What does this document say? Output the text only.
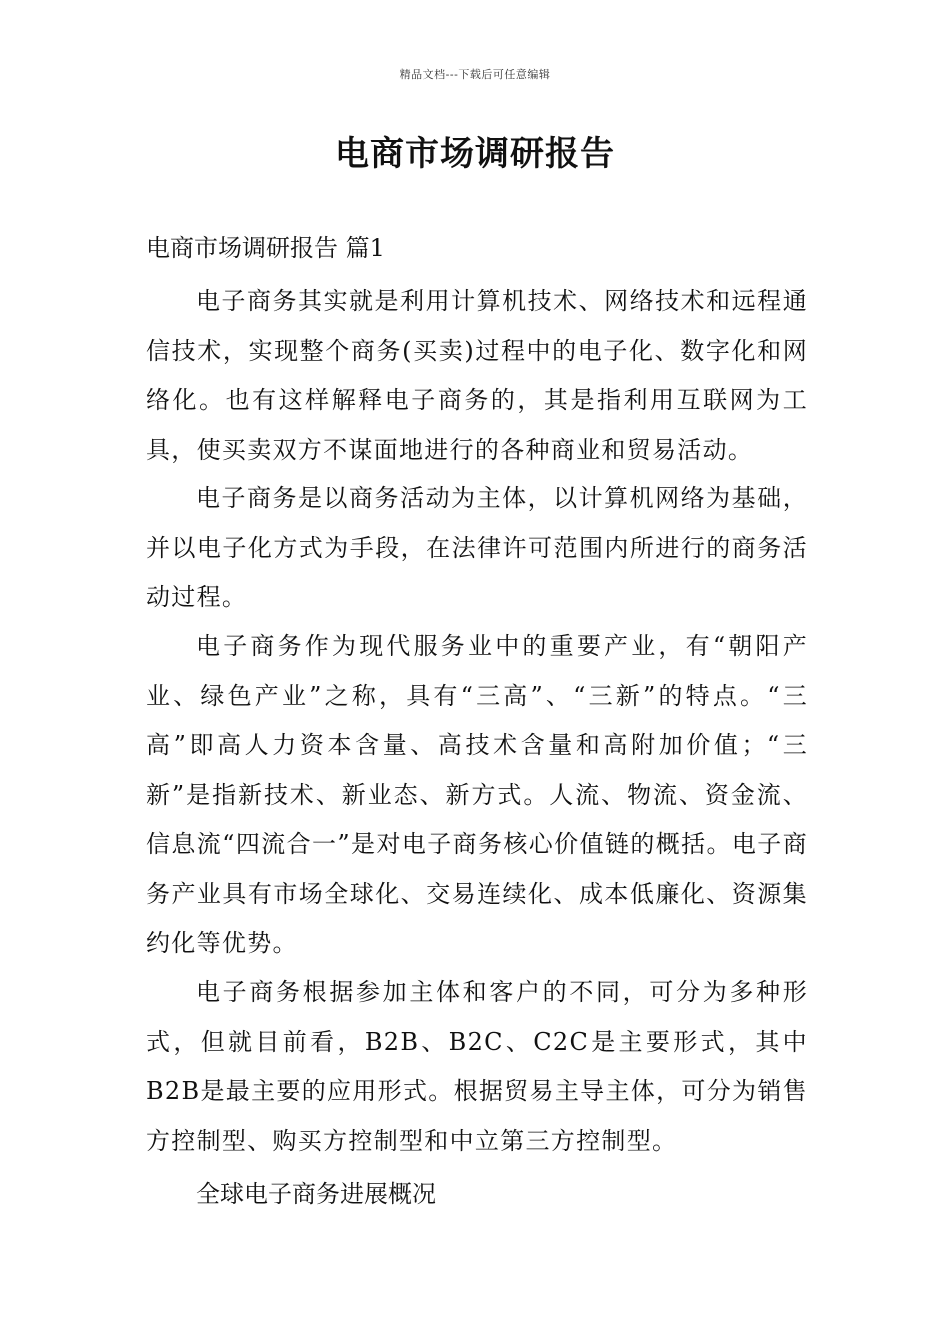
精品文档---下载后可任意编辑
电商市场调研报告
电商市场调研报告 篇1

电子商务其实就是利用计算机技术、网络技术和远程通信技术，实现整个商务(买卖)过程中的电子化、数字化和网络化。也有这样解释电子商务的，其是指利用互联网为工具，使买卖双方不谋面地进行的各种商业和贸易活动。

电子商务是以商务活动为主体，以计算机网络为基础，并以电子化方式为手段，在法律许可范围内所进行的商务活动过程。

电子商务作为现代服务业中的重要产业，有“朝阳产业、绿色产业”之称，具有“三高”、“三新”的特点。“三高”即高人力资本含量、高技术含量和高附加价值；“三新”是指新技术、新业态、新方式。人流、物流、资金流、信息流“四流合一”是对电子商务核心价值链的概括。电子商务产业具有市场全球化、交易连续化、成本低廉化、资源集约化等优势。

电子商务根据参加主体和客户的不同，可分为多种形式，但就目前看，B2B、B2C、C2C是主要形式，其中B2B是最主要的应用形式。根据贸易主导主体，可分为销售方控制型、购买方控制型和中立第三方控制型。

全球电子商务进展概况
